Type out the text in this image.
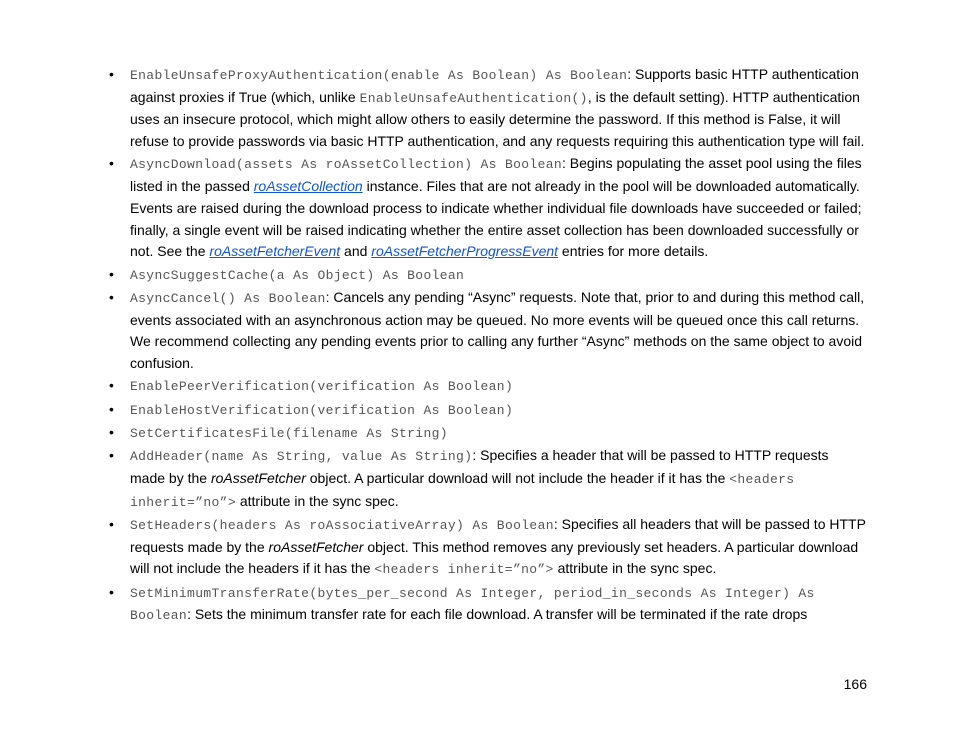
• EnableUnsafeProxyAuthentication(enable As Boolean) As Boolean: Supports basic HTTP authentication against proxies if True (which, unlike EnableUnsafeAuthentication(), is the default setting). HTTP authentication uses an insecure protocol, which might allow others to easily determine the password. If this method is False, it will refuse to provide passwords via basic HTTP authentication, and any requests requiring this authentication type will fail.
• AsyncDownload(assets As roAssetCollection) As Boolean: Begins populating the asset pool using the files listed in the passed roAssetCollection instance. Files that are not already in the pool will be downloaded automatically. Events are raised during the download process to indicate whether individual file downloads have succeeded or failed; finally, a single event will be raised indicating whether the entire asset collection has been downloaded successfully or not. See the roAssetFetcherEvent and roAssetFetcherProgressEvent entries for more details.
• AsyncSuggestCache(a As Object) As Boolean
• AsyncCancel() As Boolean: Cancels any pending “Async” requests. Note that, prior to and during this method call, events associated with an asynchronous action may be queued. No more events will be queued once this call returns. We recommend collecting any pending events prior to calling any further “Async” methods on the same object to avoid confusion.
• EnablePeerVerification(verification As Boolean)
• EnableHostVerification(verification As Boolean)
• SetCertificatesFile(filename As String)
• AddHeader(name As String, value As String): Specifies a header that will be passed to HTTP requests made by the roAssetFetcher object. A particular download will not include the header if it has the <headers inherit=”no”> attribute in the sync spec.
• SetHeaders(headers As roAssociativeArray) As Boolean: Specifies all headers that will be passed to HTTP requests made by the roAssetFetcher object. This method removes any previously set headers. A particular download will not include the headers if it has the <headers inherit=”no”> attribute in the sync spec.
• SetMinimumTransferRate(bytes_per_second As Integer, period_in_seconds As Integer) As Boolean: Sets the minimum transfer rate for each file download. A transfer will be terminated if the rate drops
166
